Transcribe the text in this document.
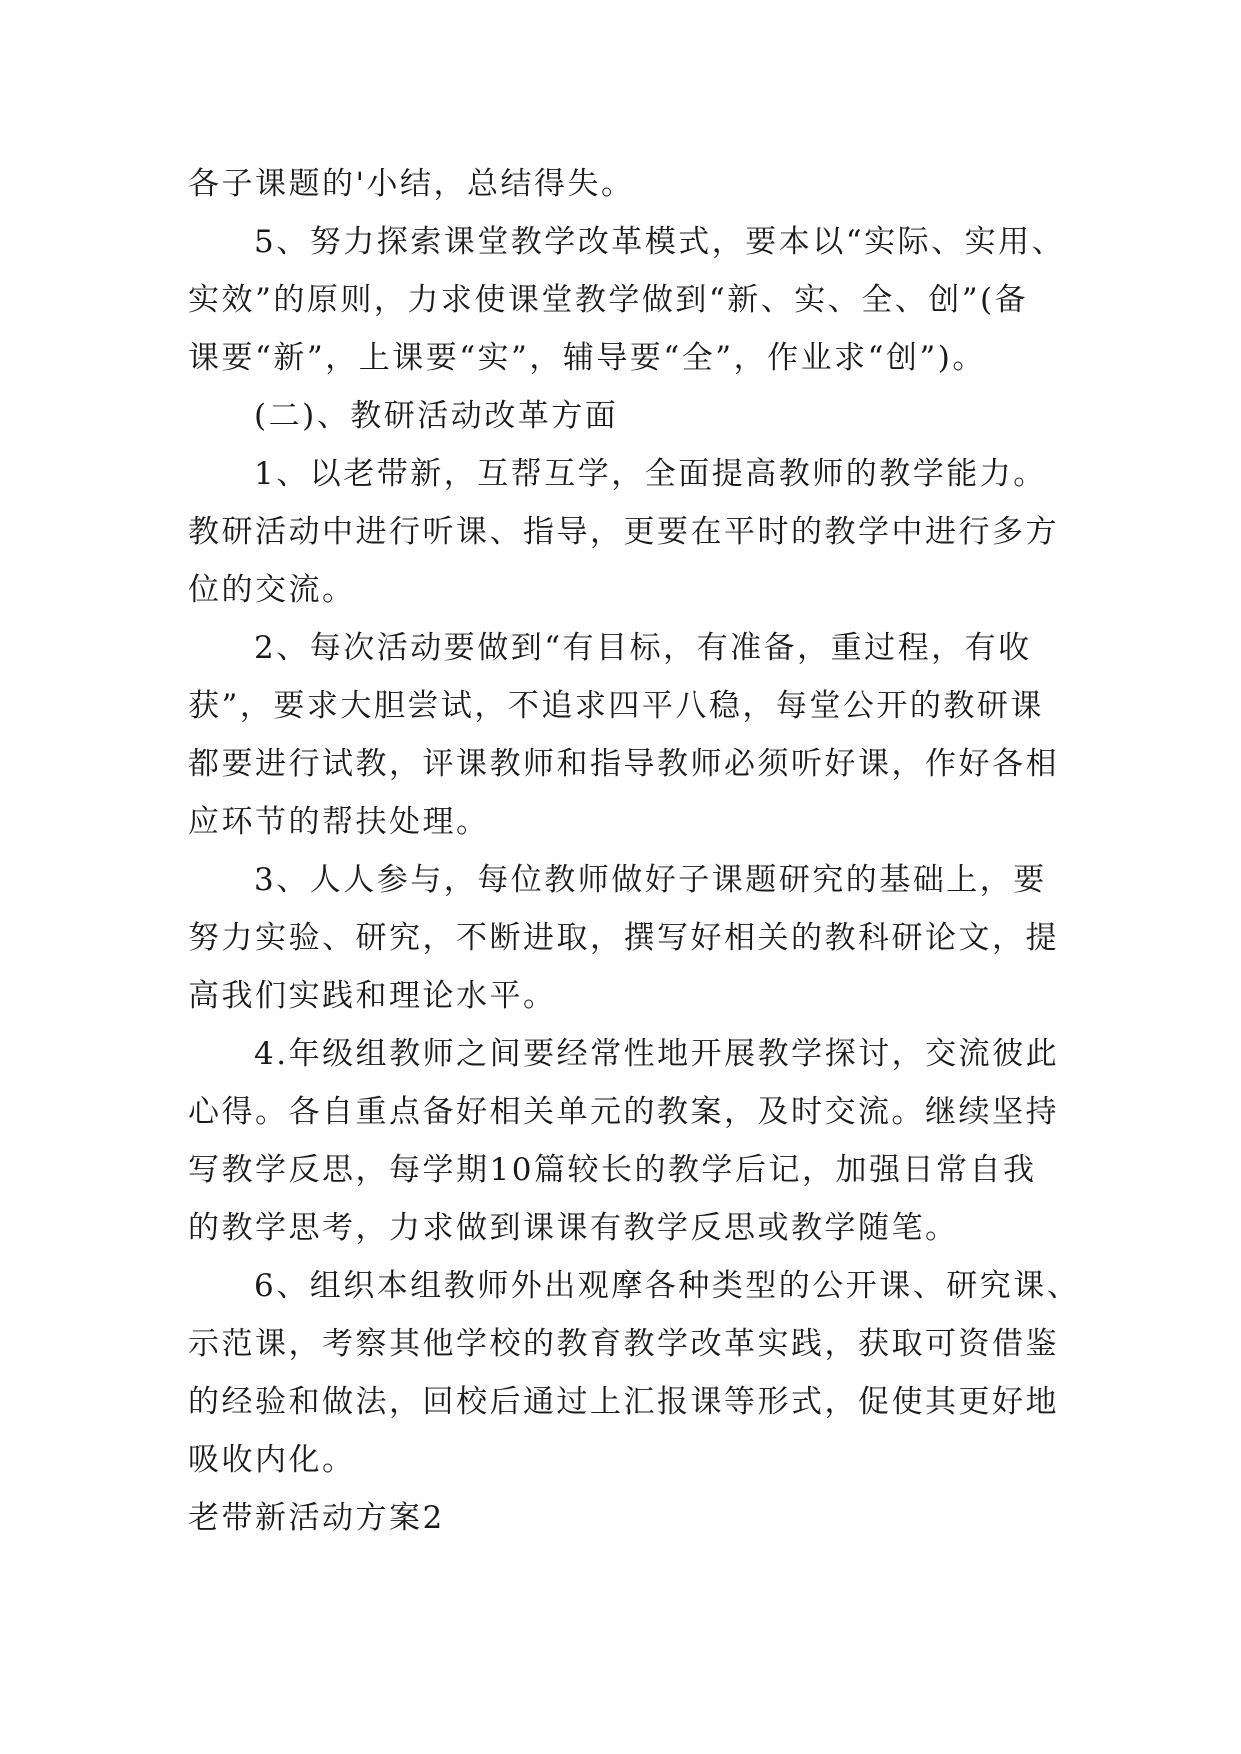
各子课题的'小结，总结得失。
5、努力探索课堂教学改革模式，要本以“实际、实用、
实效”的原则，力求使课堂教学做到“新、实、全、创”(备
课要“新”，上课要“实”，辅导要“全”，作业求“创”)。
(二)、教研活动改革方面
1、以老带新，互帮互学，全面提高教师的教学能力。
教研活动中进行听课、指导，更要在平时的教学中进行多方
位的交流。
2、每次活动要做到“有目标，有准备，重过程，有收
获”，要求大胆尝试，不追求四平八稳，每堂公开的教研课
都要进行试教，评课教师和指导教师必须听好课，作好各相
应环节的帮扶处理。
3、人人参与，每位教师做好子课题研究的基础上，要
努力实验、研究，不断进取，撰写好相关的教科研论文，提
高我们实践和理论水平。
4.年级组教师之间要经常性地开展教学探讨，交流彼此
心得。各自重点备好相关单元的教案，及时交流。继续坚持
写教学反思，每学期10篇较长的教学后记，加强日常自我
的教学思考，力求做到课课有教学反思或教学随笔。
6、组织本组教师外出观摩各种类型的公开课、研究课、
示范课，考察其他学校的教育教学改革实践，获取可资借鉴
的经验和做法，回校后通过上汇报课等形式，促使其更好地
吸收内化。
老带新活动方案2
